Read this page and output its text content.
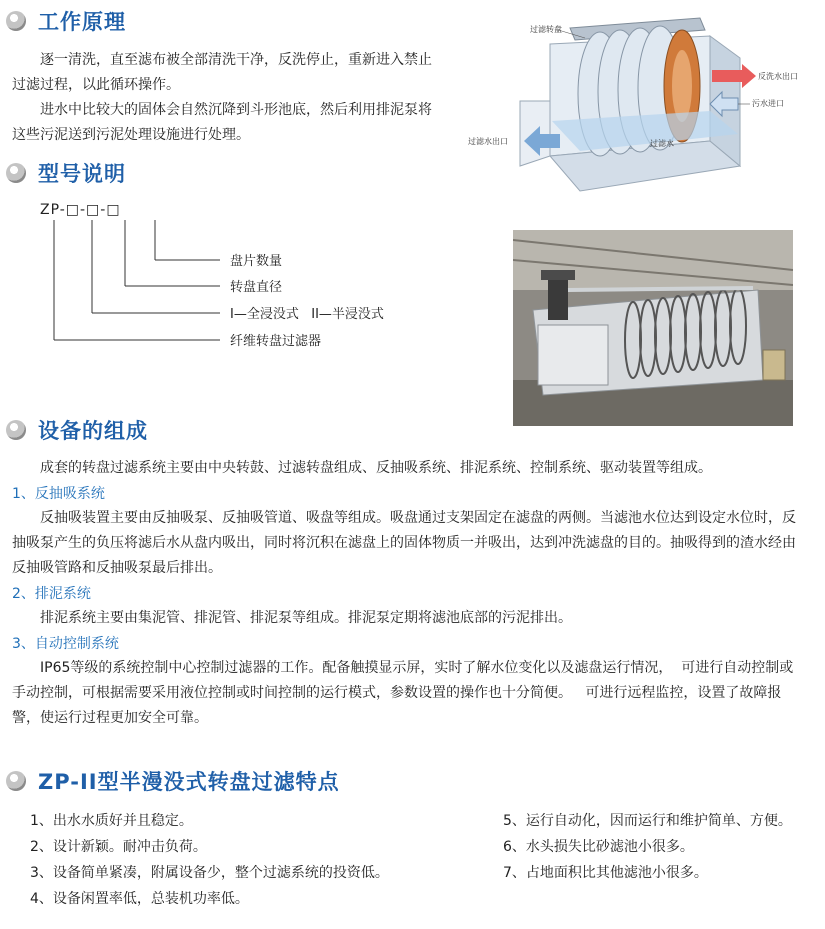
工作原理
逐一清洗，直至滤布被全部清洗干净，反洗停止，重新进入禁止过滤过程，以此循环操作。
进水中比较大的固体会自然沉降到斗形池底，然后利用排泥泵将这些污泥送到污泥处理设施进行处理。
过滤转盘
反洗水出口
污水进口
过滤水出口	过滤水
型号说明
ZP-□-□-□
盘片数量
转盘直径
I—全浸没式   II—半浸没式
纤维转盘过滤器
设备的组成
成套的转盘过滤系统主要由中央转鼓、过滤转盘组成、反抽吸系统、排泥系统、控制系统、驱动装置等组成。
1、反抽吸系统
反抽吸装置主要由反抽吸泵、反抽吸管道、吸盘等组成。吸盘通过支架固定在滤盘的两侧。当滤池水位达到设定水位时，反抽吸泵产生的负压将滤后水从盘内吸出，同时将沉积在滤盘上的固体物质一并吸出，达到冲洗滤盘的目的。抽吸得到的渣水经由反抽吸管路和反抽吸泵最后排出。
2、排泥系统
排泥系统主要由集泥管、排泥管、排泥泵等组成。排泥泵定期将滤池底部的污泥排出。
3、自动控制系统
IP65等级的系统控制中心控制过滤器的工作。配备触摸显示屏，实时了解水位变化以及滤盘运行情况，  可进行自动控制或手动控制，可根据需要采用液位控制或时间控制的运行模式，参数设置的操作也十分简便。   可进行远程监控，设置了故障报警，使运行过程更加安全可靠。
ZP-II型半漫没式转盘过滤特点
1、出水水质好并且稳定。
2、设计新颖。耐冲击负荷。
3、设备简单紧凑，附属设备少，整个过滤系统的投资低。
4、设备闲置率低，总装机功率低。
5、运行自动化，因而运行和维护简单、方便。
6、水头损失比砂滤池小很多。
7、占地面积比其他滤池小很多。
